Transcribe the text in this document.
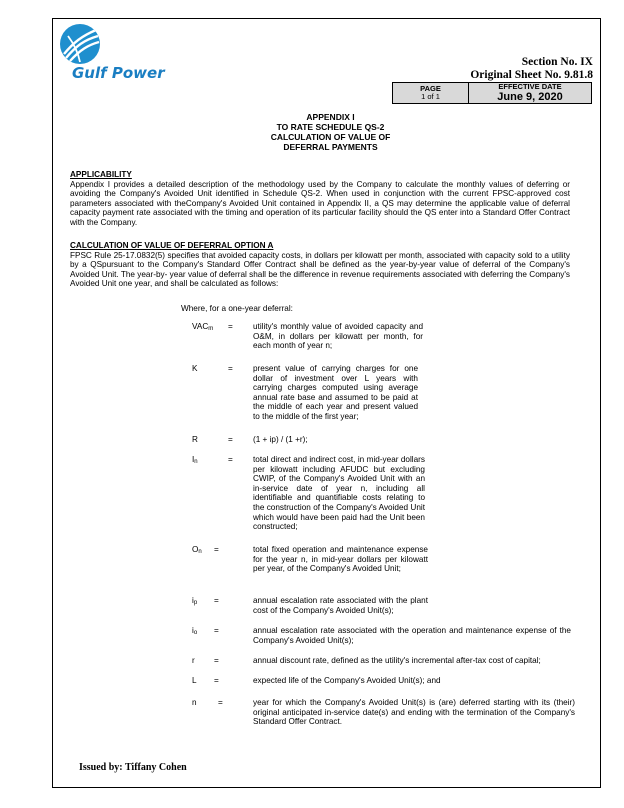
Gulf Power
Section No. IX
Original Sheet No. 9.81.8
PAGE
1 of 1
EFFECTIVE DATE
June 9, 2020
APPENDIX I
TO RATE SCHEDULE QS-2
CALCULATION OF VALUE OF
DEFERRAL PAYMENTS
APPLICABILITY
Appendix I provides a detailed description of the methodology used by the Company to calculate the monthly values of deferring or avoiding the Company's Avoided Unit identified in Schedule QS-2. When used in conjunction with the current FPSC-approved cost parameters associated with theCompany's Avoided Unit contained in Appendix II, a QS may determine the applicable value of deferral capacity payment rate associated with the timing and operation of its particular facility should the QS enter into a Standard Offer Contract with the Company.
CALCULATION OF VALUE OF DEFERRAL OPTION A
FPSC Rule 25-17.0832(5) specifies that avoided capacity costs, in dollars per kilowatt per month, associated with capacity sold to a utility by a QSpursuant to the Company's Standard Offer Contract shall be defined as the year-by-year value of deferral of the Company's Avoided Unit. The year-by- year value of deferral shall be the difference in revenue requirements associated with deferring the Company's Avoided Unit one year, and shall be calculated as follows:
Where, for a one-year deferral:
$VAC_m$ = utility's monthly value of avoided capacity and O&M, in dollars per kilowatt per month, for each month of year n;
K	= present value of carrying charges for one dollar of investment over L years with carrying charges computed using average annual rate base and assumed to be paid at the middle of each year and present valued to the middle of the first year;
R	= (1 + ip) / (1 +r);
$I_n$	= total direct and indirect cost, in mid-year dollars per kilowatt including AFUDC but excluding CWIP, of the Company's Avoided Unit with an in-service date of year n, including all identifiable and quantifiable costs relating to the construction of the Company's Avoided Unit which would have been paid had the Unit been constructed;
$O_n$ =	total fixed operation and maintenance expense for the year n, in mid-year dollars per kilowatt per year, of the Company's Avoided Unit;
$i_p$ =	annual escalation rate associated with the plant cost of the Company's Avoided Unit(s);
$i_o$ =	annual escalation rate associated with the operation and maintenance expense of the Company's Avoided Unit(s);
r =	annual discount rate, defined as the utility's incremental after-tax cost of capital;
L =	expected life of the Company's Avoided Unit(s); and
n	=	year for which the Company's Avoided Unit(s) is (are) deferred starting with its (their) original anticipated in-service date(s) and ending with the termination of the Company's Standard Offer Contract.
Issued by: Tiffany Cohen
